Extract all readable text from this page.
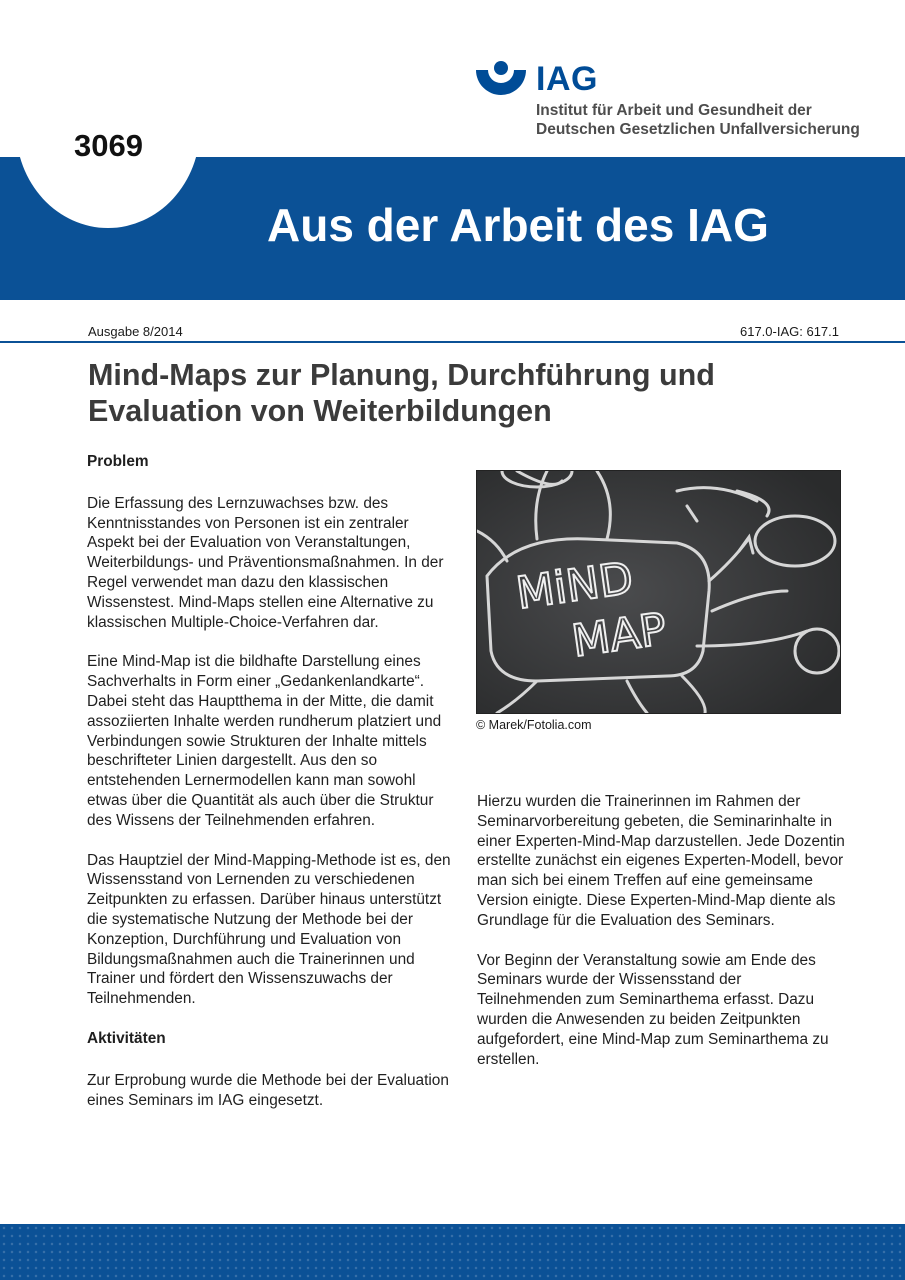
IAG
Institut für Arbeit und Gesundheit der
Deutschen Gesetzlichen Unfallversicherung
3069
Aus der Arbeit des IAG
Ausgabe 8/2014	617.0-IAG: 617.1
Mind-Maps zur Planung, Durchführung und Evaluation von Weiterbildungen
Problem

Die Erfassung des Lernzuwachses bzw. des Kenntnisstandes von Personen ist ein zentraler Aspekt bei der Evaluation von Veranstaltungen, Weiterbildungs- und Präventionsmaßnahmen. In der Regel verwendet man dazu den klassischen Wissenstest. Mind-Maps stellen eine Alternative zu klassischen Multiple-Choice-Verfahren dar.

Eine Mind-Map ist die bildhafte Darstellung eines Sachverhalts in Form einer „Gedankenlandkarte“. Dabei steht das Hauptthema in der Mitte, die damit assoziierten Inhalte werden rundherum platziert und Verbindungen sowie Strukturen der Inhalte mittels beschrifteter Linien dargestellt. Aus den so entstehenden Lernermodellen kann man sowohl etwas über die Quantität als auch über die Struktur des Wissens der Teilnehmenden erfahren.

Das Hauptziel der Mind-Mapping-Methode ist es, den Wissensstand von Lernenden zu verschiedenen Zeitpunkten zu erfassen. Darüber hinaus unterstützt die systematische Nutzung der Methode bei der Konzeption, Durchführung und Evaluation von Bildungsmaßnahmen auch die Trainerinnen und Trainer und fördert den Wissenszuwachs der Teilnehmenden.

Aktivitäten

Zur Erprobung wurde die Methode bei der Evaluation eines Seminars im IAG eingesetzt.

MiND
MAP
© Marek/Fotolia.com

Hierzu wurden die Trainerinnen im Rahmen der Seminarvorbereitung gebeten, die Seminarinhalte in einer Experten-Mind-Map darzustellen. Jede Dozentin erstellte zunächst ein eigenes Experten-Modell, bevor man sich bei einem Treffen auf eine gemeinsame Version einigte. Diese Experten-Mind-Map diente als Grundlage für die Evaluation des Seminars.

Vor Beginn der Veranstaltung sowie am Ende des Seminars wurde der Wissensstand der Teilnehmenden zum Seminarthema erfasst. Dazu wurden die Anwesenden zu beiden Zeitpunkten aufgefordert, eine Mind-Map zum Seminarthema zu erstellen.
